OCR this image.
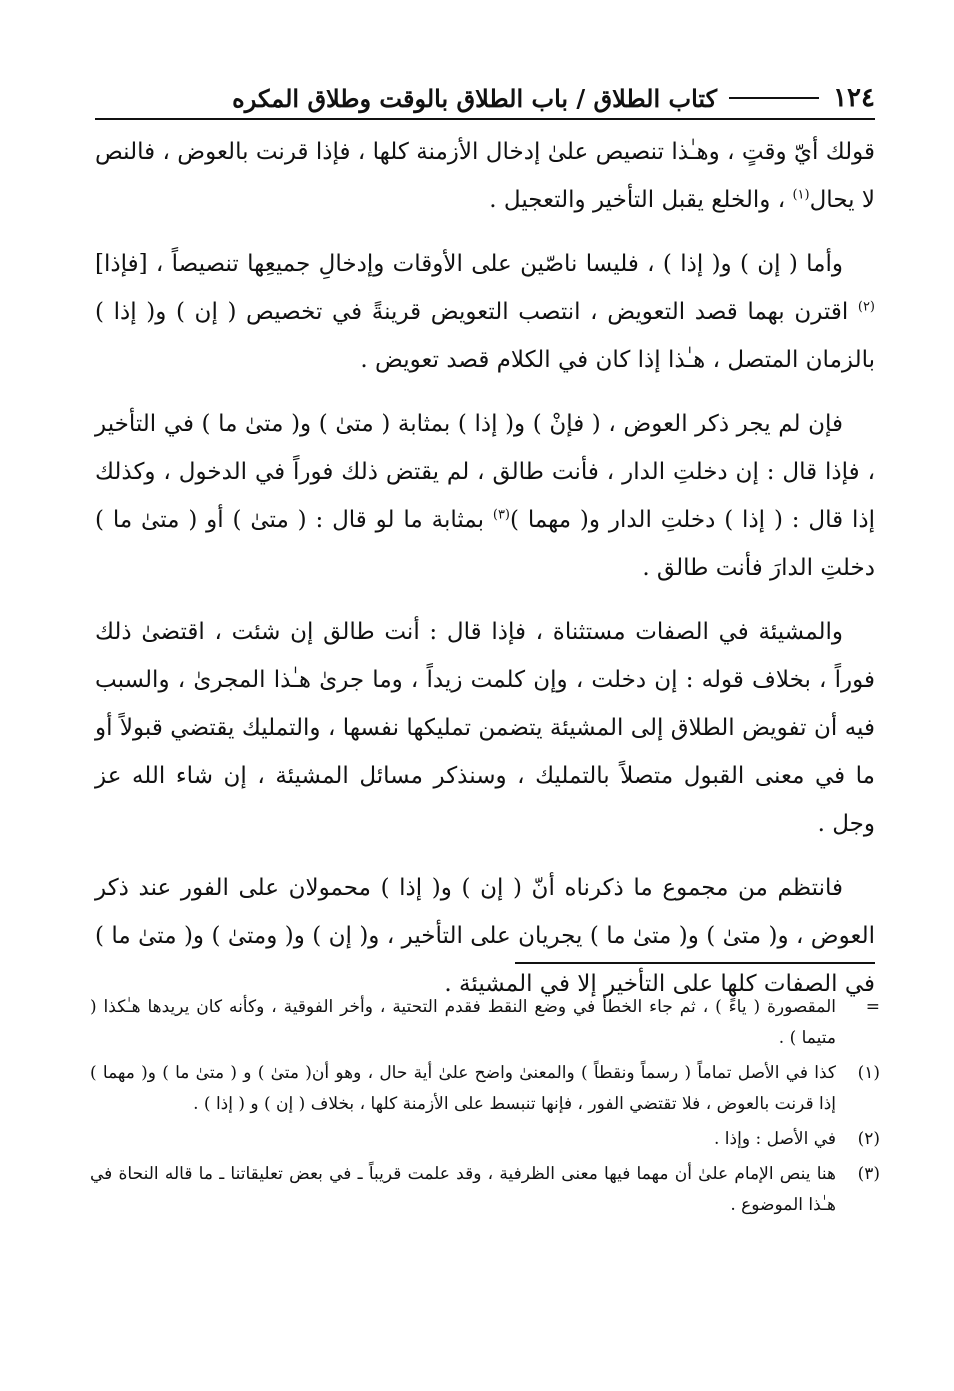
١٢٤
كتاب الطلاق / باب الطلاق بالوقت وطلاق المكره

قولك أيّ وقتٍ ، وهـٰذا تنصيص علىٰ إدخال الأزمنة كلها ، فإذا قرنت بالعوض ، فالنص لا يحال$^{(١)}$ ، والخلع يقبل التأخير والتعجيل .

وأما ( إن ) و( إذا ) ، فليسا ناصّين على الأوقات وإدخالِ جميعِها تنصيصاً ، [فإذا]$^{(٢)}$ اقترن بهما قصد التعويض ، انتصب التعويض قرينةً في تخصيص ( إن ) و( إذا ) بالزمان المتصل ، هـٰذا إذا كان في الكلام قصد تعويض .

فإن لم يجر ذكر العوض ، ( فإنْ ) و( إذا ) بمثابة ( متىٰ ) و( متىٰ ما ) في التأخير ، فإذا قال : إن دخلتِ الدار ، فأنت طالق ، لم يقتض ذلك فوراً في الدخول ، وكذلك إذا قال : ( إذا ) دخلتِ الدار و( مهما )$^{(٣)}$ بمثابة ما لو قال : ( متىٰ ) أو ( متىٰ ما ) دخلتِ الدارَ فأنت طالق .

والمشيئة في الصفات مستثناة ، فإذا قال : أنت طالق إن شئت ، اقتضىٰ ذلك فوراً ، بخلاف قوله : إن دخلت ، وإن كلمت زيداً ، وما جرىٰ هـٰذا المجرىٰ ، والسبب فيه أن تفويض الطلاق إلى المشيئة يتضمن تمليكها نفسها ، والتمليك يقتضي قبولاً أو ما في معنى القبول متصلاً بالتمليك ، وسنذكر مسائل المشيئة ، إن شاء الله عز وجل .

فانتظم من مجموع ما ذكرناه أنّ ( إن ) و( إذا ) محمولان على الفور عند ذكر العوض ، و( متىٰ ) و( متىٰ ما ) يجريان على التأخير ، و( إن ) و( ومتىٰ ) و( متىٰ ما ) في الصفات كلها على التأخير إلا في المشيئة .

=
المقصورة ( ياءً ) ، ثم جاء الخطأ في وضع النقط فقدم التحتية ، وأخر الفوقية ، وكأنه كان يريدها هـٰكذا ( متيما ) .
(١)
كذا في الأصل تماماً ( رسماً ونقطاً ) والمعنىٰ واضح علىٰ أية حال ، وهو أن( متىٰ ) و ( متىٰ ما ) و( مهما ) إذا قرنت بالعوض ، فلا تقتضي الفور ، فإنها تنبسط على الأزمنة كلها ، بخلاف ( إن ) و ( إذا ) .
(٢)
في الأصل : وإذا .
(٣)
هنا ينص الإمام علىٰ أن مهما فيها معنى الظرفية ، وقد علمت قريباً ـ في بعض تعليقاتنا ـ ما قاله النحاة في هـٰذا الموضوع .
